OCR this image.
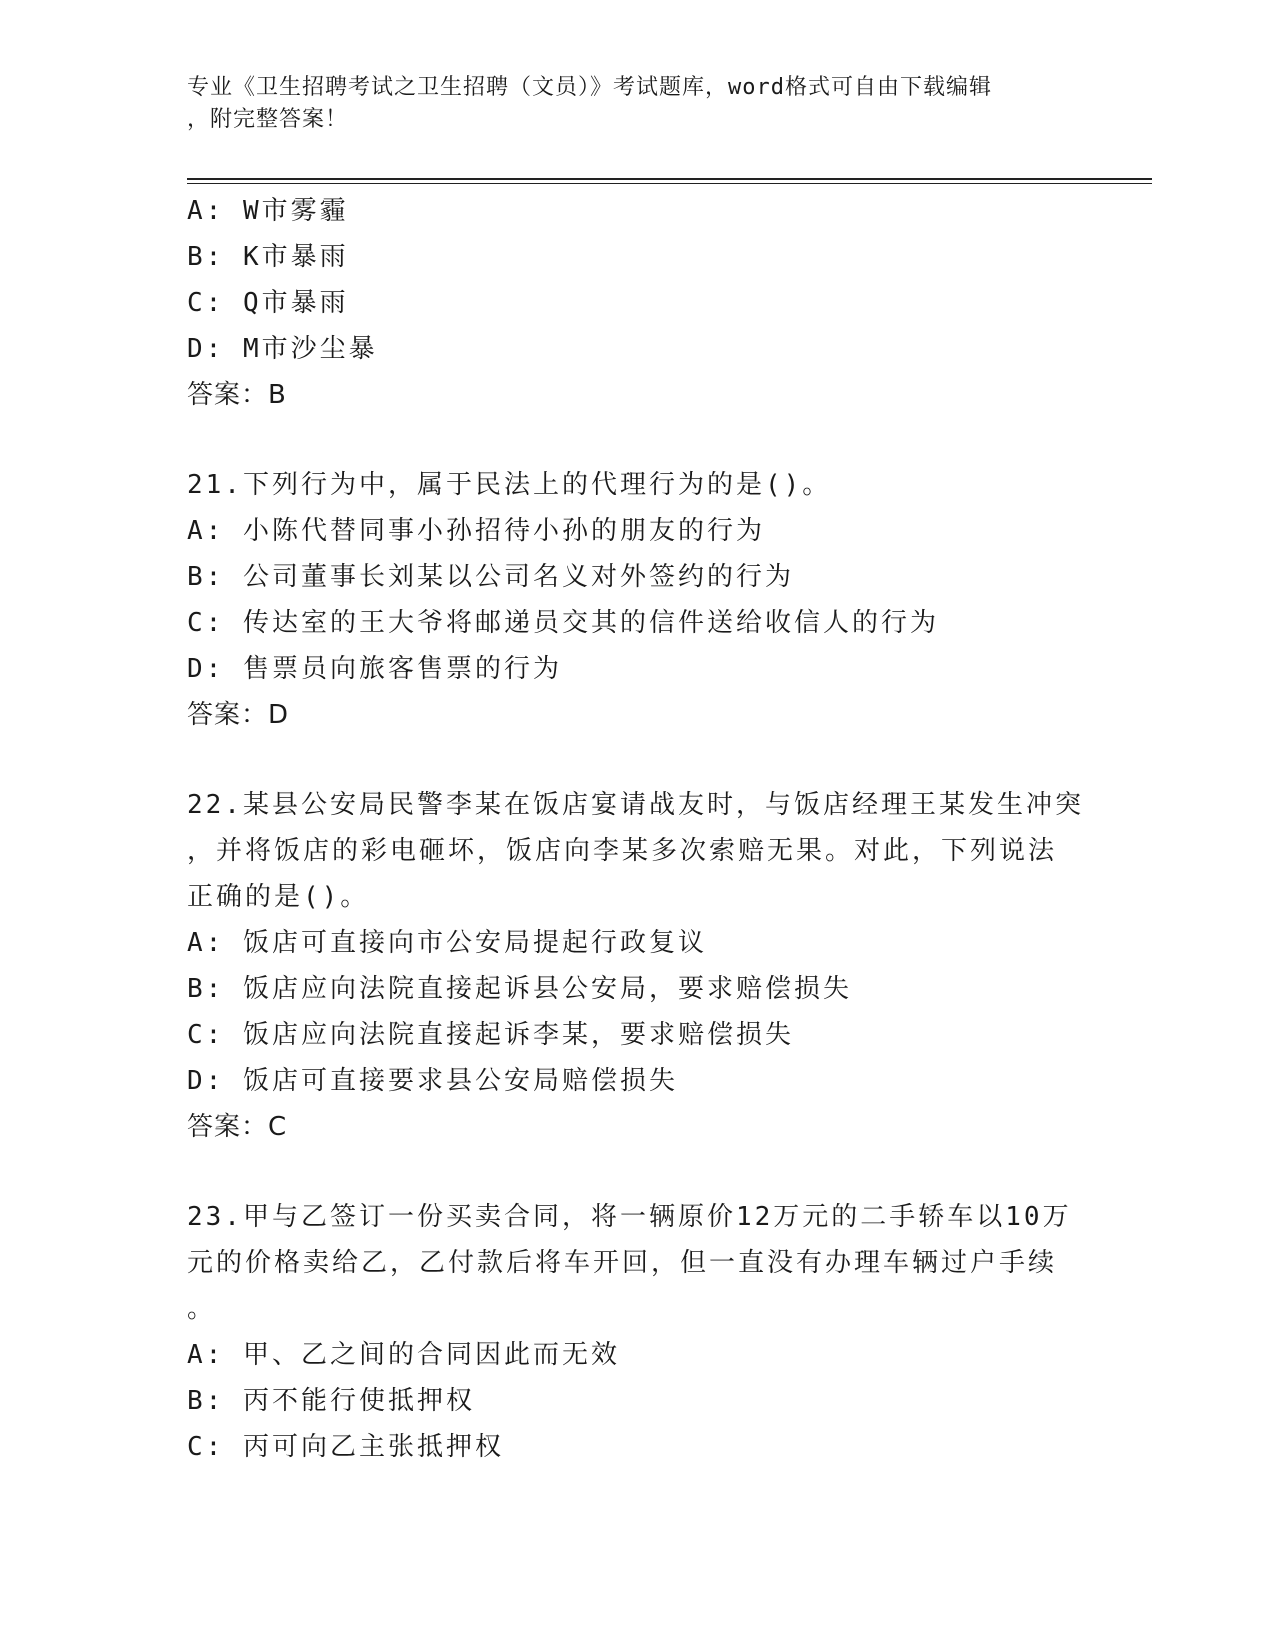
专业《卫生招聘考试之卫生招聘（文员）》考试题库，word格式可自由下载编辑
，附完整答案！
A: W市雾霾
B: K市暴雨
C: Q市暴雨
D: M市沙尘暴
答案：B
21.下列行为中，属于民法上的代理行为的是()。
A: 小陈代替同事小孙招待小孙的朋友的行为
B: 公司董事长刘某以公司名义对外签约的行为
C: 传达室的王大爷将邮递员交其的信件送给收信人的行为
D: 售票员向旅客售票的行为
答案：D
22.某县公安局民警李某在饭店宴请战友时，与饭店经理王某发生冲突
，并将饭店的彩电砸坏，饭店向李某多次索赔无果。对此，下列说法
正确的是()。
A: 饭店可直接向市公安局提起行政复议
B: 饭店应向法院直接起诉县公安局，要求赔偿损失
C: 饭店应向法院直接起诉李某，要求赔偿损失
D: 饭店可直接要求县公安局赔偿损失
答案：C
23.甲与乙签订一份买卖合同，将一辆原价12万元的二手轿车以10万
元的价格卖给乙，乙付款后将车开回，但一直没有办理车辆过户手续
。
A: 甲、乙之间的合同因此而无效
B: 丙不能行使抵押权
C: 丙可向乙主张抵押权
